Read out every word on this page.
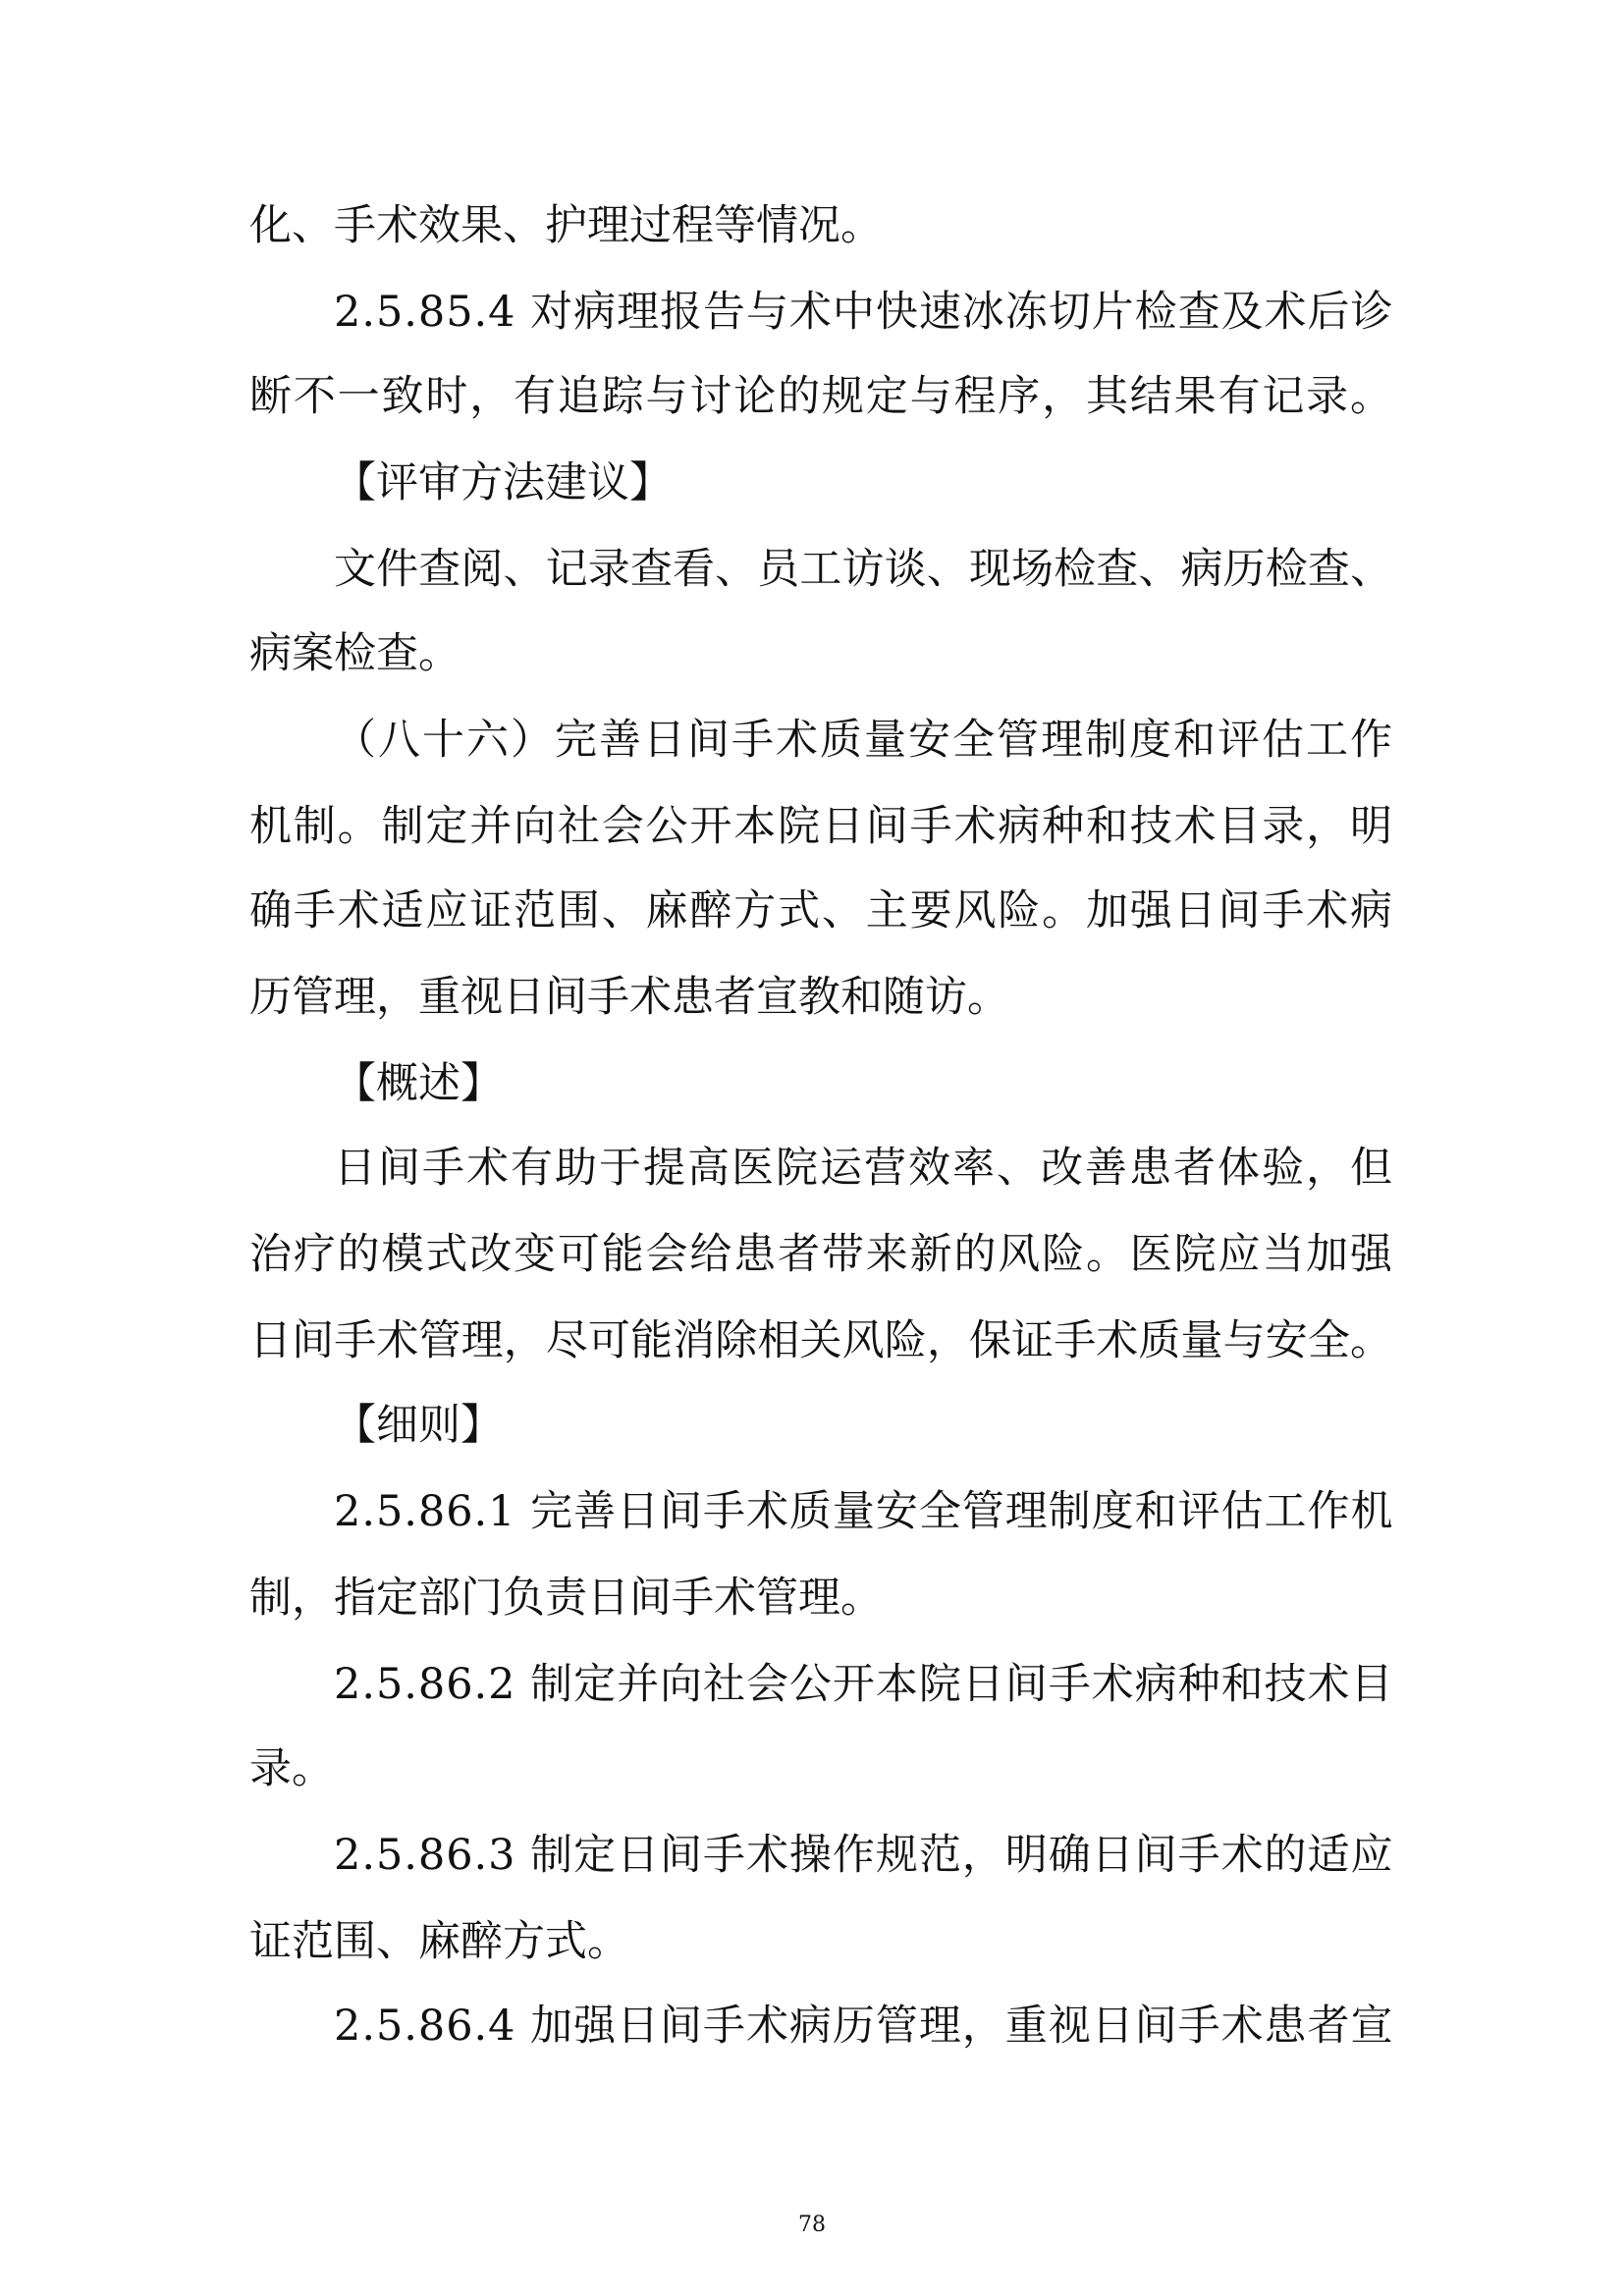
化、手术效果、护理过程等情况。
2.5.85.4 对病理报告与术中快速冰冻切片检查及术后诊
断不一致时，有追踪与讨论的规定与程序，其结果有记录。
【评审方法建议】
文件查阅、记录查看、员工访谈、现场检查、病历检查、
病案检查。
（八十六）完善日间手术质量安全管理制度和评估工作
机制。制定并向社会公开本院日间手术病种和技术目录，明
确手术适应证范围、麻醉方式、主要风险。加强日间手术病
历管理，重视日间手术患者宣教和随访。
【概述】
日间手术有助于提高医院运营效率、改善患者体验，但
治疗的模式改变可能会给患者带来新的风险。医院应当加强
日间手术管理，尽可能消除相关风险，保证手术质量与安全。
【细则】
2.5.86.1 完善日间手术质量安全管理制度和评估工作机
制，指定部门负责日间手术管理。
2.5.86.2 制定并向社会公开本院日间手术病种和技术目
录。
2.5.86.3 制定日间手术操作规范，明确日间手术的适应
证范围、麻醉方式。
2.5.86.4 加强日间手术病历管理，重视日间手术患者宣
78
